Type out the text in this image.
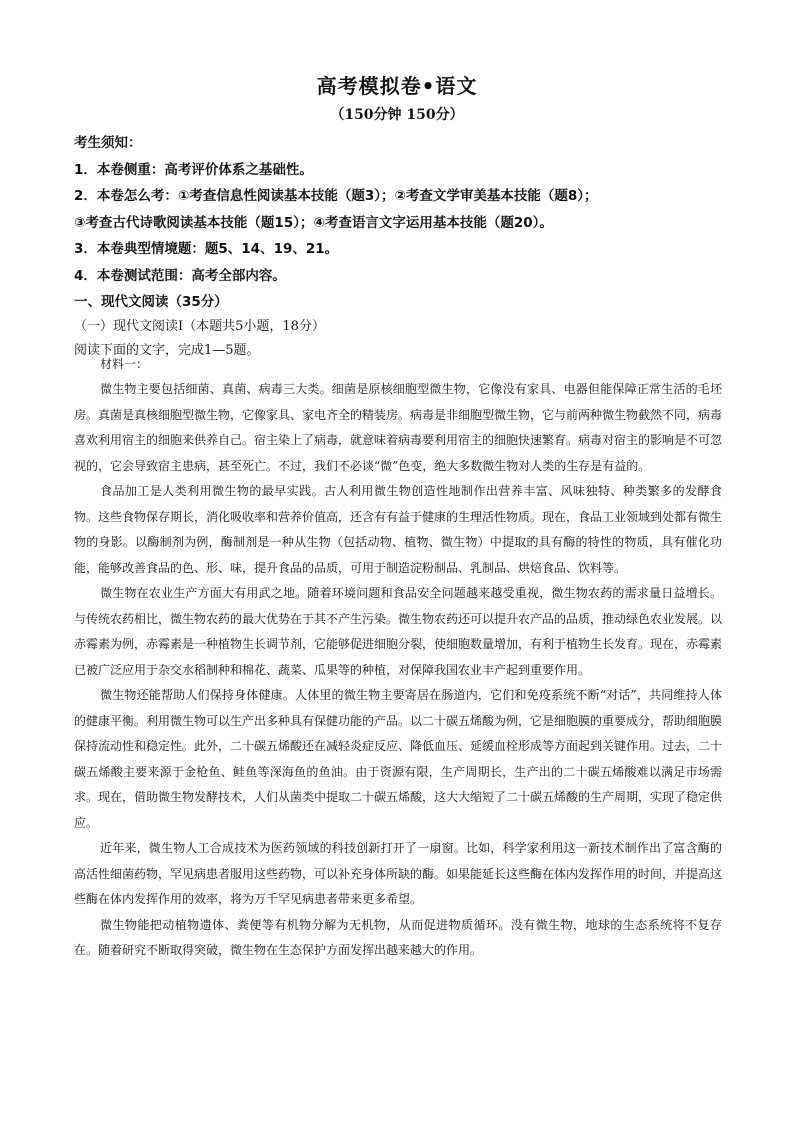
高考模拟卷•语文
（150分钟 150分）
考生须知：
1．本卷侧重：高考评价体系之基础性。
2．本卷怎么考：①考查信息性阅读基本技能（题3）；②考查文学审美基本技能（题8）；
③考查古代诗歌阅读基本技能（题15）；④考查语言文字运用基本技能（题20）。
3．本卷典型情境题：题5、14、19、21。
4．本卷测试范围：高考全部内容。
一、现代文阅读（35分）
（一）现代文阅读Ⅰ（本题共5小题，18分）
阅读下面的文字，完成1—5题。
材料一：

微生物主要包括细菌、真菌、病毒三大类。细菌是原核细胞型微生物，它像没有家具、电器但能保障正常生活的毛坯房。真菌是真核细胞型微生物，它像家具、家电齐全的精装房。病毒是非细胞型微生物，它与前两种微生物截然不同，病毒喜欢利用宿主的细胞来供养自己。宿主染上了病毒，就意味着病毒要利用宿主的细胞快速繁育。病毒对宿主的影响是不可忽视的，它会导致宿主患病，甚至死亡。不过，我们不必谈“微”色变，绝大多数微生物对人类的生存是有益的。

食品加工是人类利用微生物的最早实践。古人利用微生物创造性地制作出营养丰富、风味独特、种类繁多的发酵食物。这些食物保存期长，消化吸收率和营养价值高，还含有有益于健康的生理活性物质。现在，食品工业领域到处都有微生物的身影。以酶制剂为例，酶制剂是一种从生物（包括动物、植物、微生物）中提取的具有酶的特性的物质，具有催化功能，能够改善食品的色、形、味，提升食品的品质，可用于制造淀粉制品、乳制品、烘焙食品、饮料等。

微生物在农业生产方面大有用武之地。随着环境问题和食品安全问题越来越受重视，微生物农药的需求量日益增长。与传统农药相比，微生物农药的最大优势在于其不产生污染。微生物农药还可以提升农产品的品质，推动绿色农业发展。以赤霉素为例，赤霉素是一种植物生长调节剂，它能够促进细胞分裂，使细胞数量增加，有利于植物生长发育。现在，赤霉素已被广泛应用于杂交水稻制种和棉花、蔬菜、瓜果等的种植，对保障我国农业丰产起到重要作用。

微生物还能帮助人们保持身体健康。人体里的微生物主要寄居在肠道内，它们和免疫系统不断“对话”，共同维持人体的健康平衡。利用微生物可以生产出多种具有保健功能的产品。以二十碳五烯酸为例，它是细胞膜的重要成分，帮助细胞膜保持流动性和稳定性。此外，二十碳五烯酸还在减轻炎症反应、降低血压、延缓血栓形成等方面起到关键作用。过去，二十碳五烯酸主要来源于金枪鱼、鲑鱼等深海鱼的鱼油。由于资源有限，生产周期长，生产出的二十碳五烯酸难以满足市场需求。现在，借助微生物发酵技术，人们从菌类中提取二十碳五烯酸，这大大缩短了二十碳五烯酸的生产周期，实现了稳定供应。

近年来，微生物人工合成技术为医药领域的科技创新打开了一扇窗。比如，科学家利用这一新技术制作出了富含酶的高活性细菌药物，罕见病患者服用这些药物，可以补充身体所缺的酶。如果能延长这些酶在体内发挥作用的时间，并提高这些酶在体内发挥作用的效率，将为万千罕见病患者带来更多希望。

微生物能把动植物遗体、粪便等有机物分解为无机物，从而促进物质循环。没有微生物，地球的生态系统将不复存在。随着研究不断取得突破，微生物在生态保护方面发挥出越来越大的作用。
